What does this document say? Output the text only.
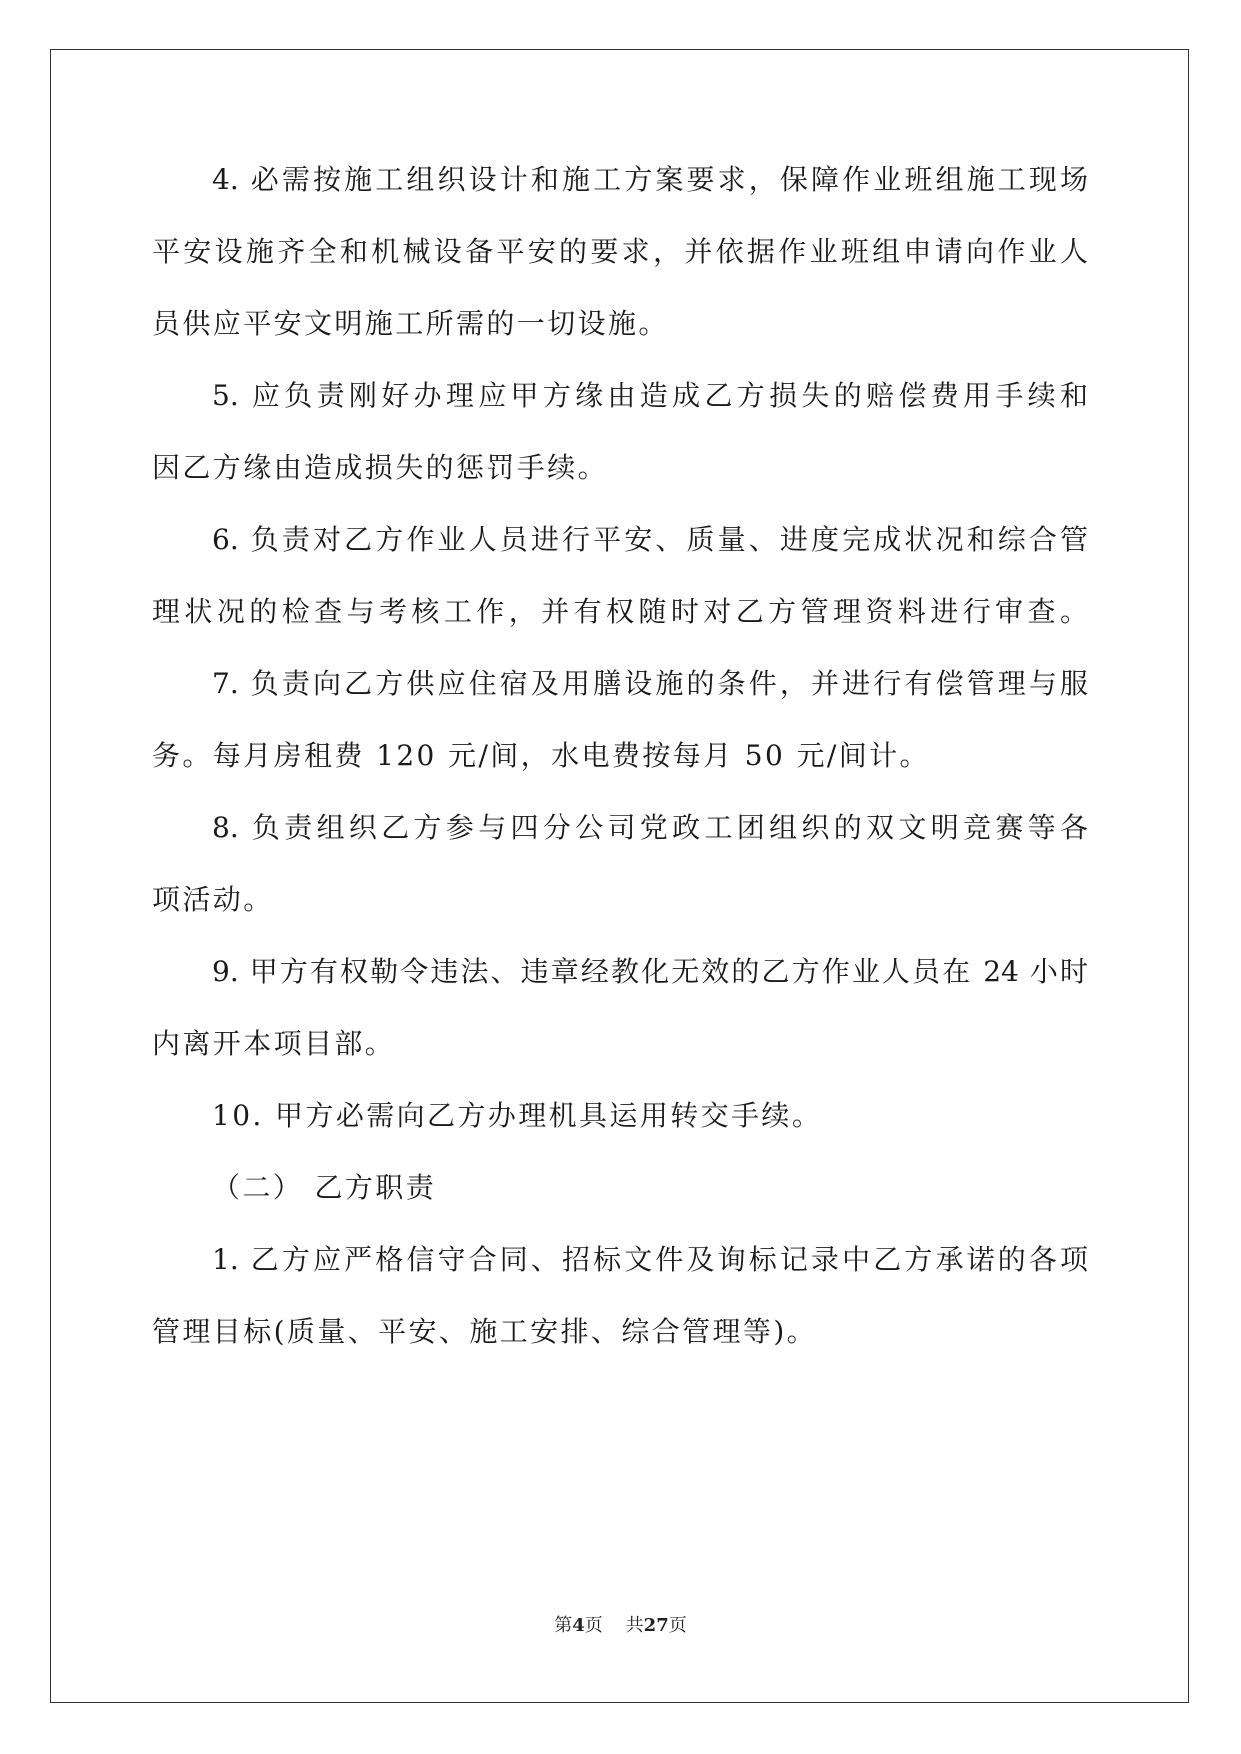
4. 必需按施工组织设计和施工方案要求，保障作业班组施工现场
平安设施齐全和机械设备平安的要求，并依据作业班组申请向作业人
员供应平安文明施工所需的一切设施。
5. 应负责刚好办理应甲方缘由造成乙方损失的赔偿费用手续和
因乙方缘由造成损失的惩罚手续。
6. 负责对乙方作业人员进行平安、质量、进度完成状况和综合管
理状况的检查与考核工作，并有权随时对乙方管理资料进行审查。
7. 负责向乙方供应住宿及用膳设施的条件，并进行有偿管理与服
务。每月房租费 120 元/间，水电费按每月 50 元/间计。
8. 负责组织乙方参与四分公司党政工团组织的双文明竞赛等各
项活动。
9. 甲方有权勒令违法、违章经教化无效的乙方作业人员在 24 小时
内离开本项目部。
10. 甲方必需向乙方办理机具运用转交手续。
（二） 乙方职责
1. 乙方应严格信守合同、招标文件及询标记录中乙方承诺的各项
管理目标(质量、平安、施工安排、综合管理等)。
第4页    共27页
